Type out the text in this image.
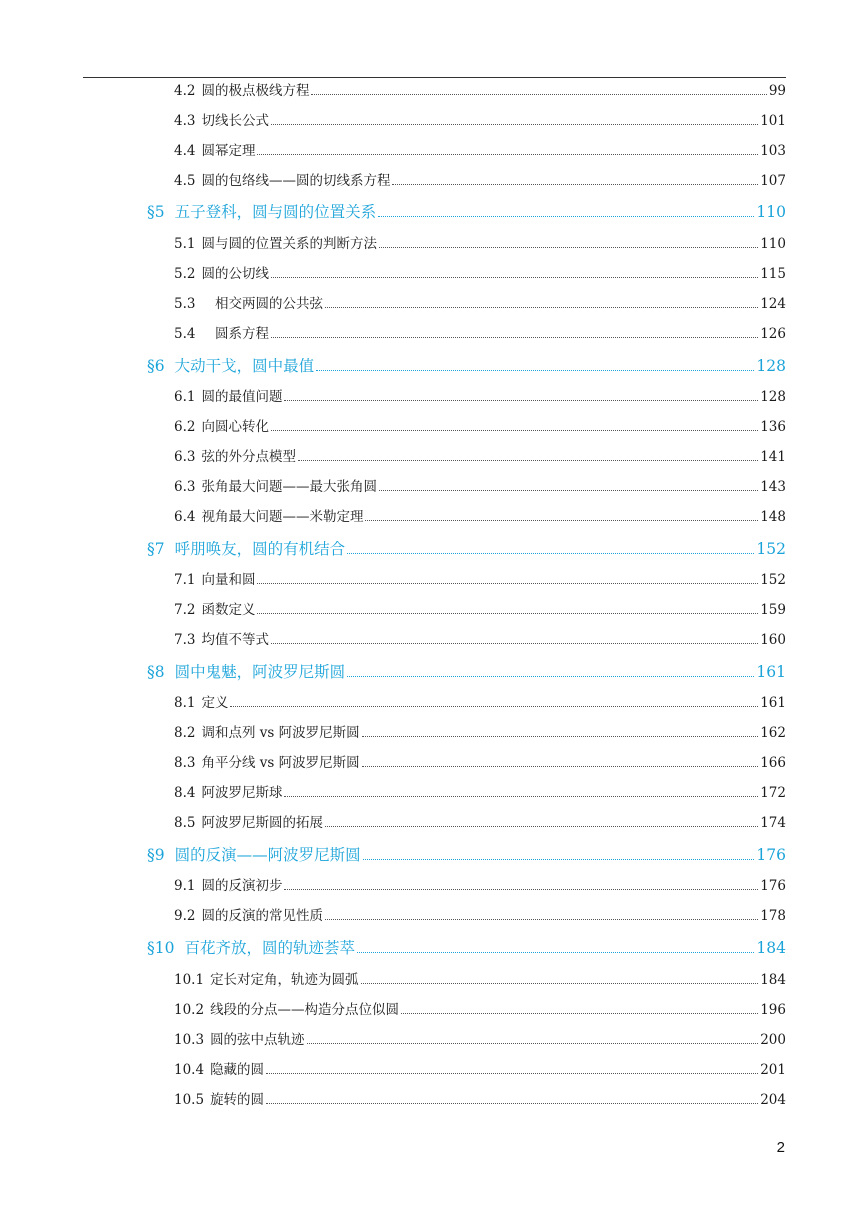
4.2 圆的极点极线方程	99
4.3 切线长公式	101
4.4 圆幂定理	103
4.5 圆的包络线——圆的切线系方程	107
§5 五子登科，圆与圆的位置关系	110
5.1 圆与圆的位置关系的判断方法	110
5.2 圆的公切线	115
5.3　相交两圆的公共弦	124
5.4　圆系方程	126
§6 大动干戈，圆中最值	128
6.1 圆的最值问题	128
6.2 向圆心转化	136
6.3 弦的外分点模型	141
6.3 张角最大问题——最大张角圆	143
6.4 视角最大问题——米勒定理	148
§7 呼朋唤友，圆的有机结合	152
7.1 向量和圆	152
7.2 函数定义	159
7.3 均值不等式	160
§8 圆中鬼魅，阿波罗尼斯圆	161
8.1 定义	161
8.2 调和点列 vs 阿波罗尼斯圆	162
8.3 角平分线 vs 阿波罗尼斯圆	166
8.4 阿波罗尼斯球	172
8.5 阿波罗尼斯圆的拓展	174
§9 圆的反演——阿波罗尼斯圆	176
9.1 圆的反演初步	176
9.2 圆的反演的常见性质	178
§10 百花齐放，圆的轨迹荟萃	184
10.1 定长对定角，轨迹为圆弧	184
10.2 线段的分点——构造分点位似圆	196
10.3 圆的弦中点轨迹	200
10.4 隐藏的圆	201
10.5 旋转的圆	204
2
